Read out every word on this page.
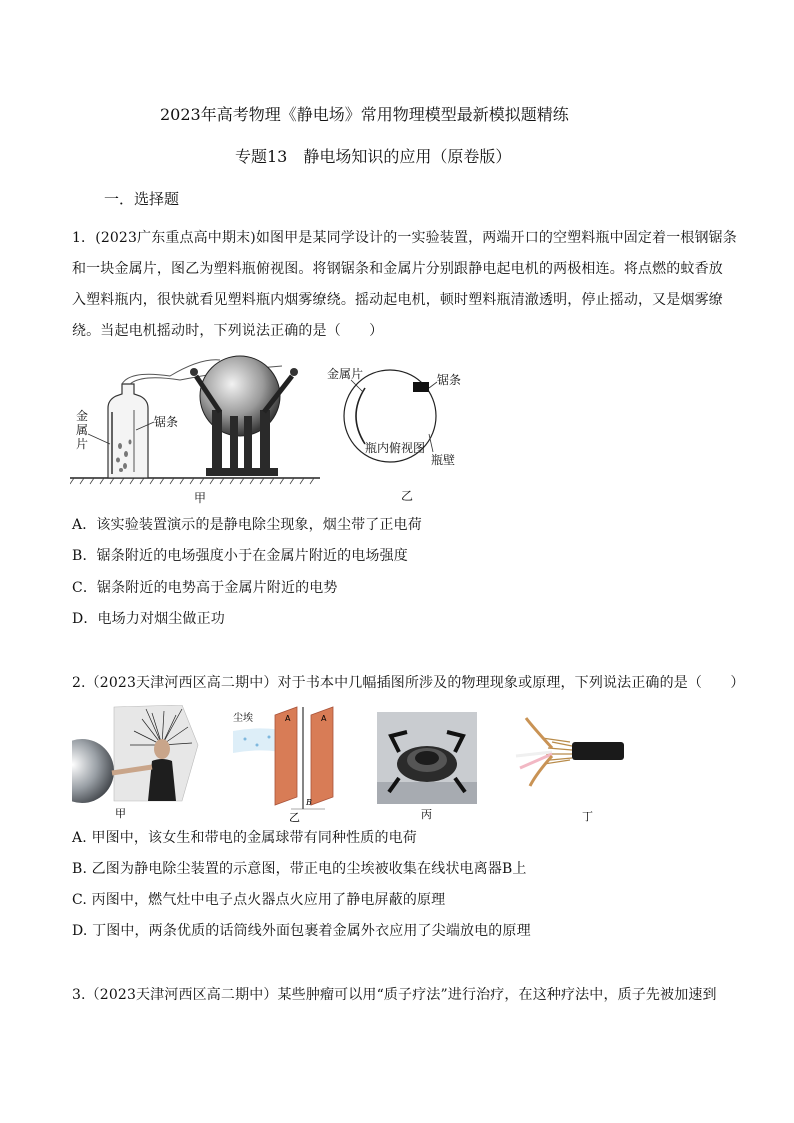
2023年高考物理《静电场》常用物理模型最新模拟题精练
专题13　静电场知识的应用（原卷版）
一．选择题
1．(2023广东重点高中期末)如图甲是某同学设计的一实验装置，两端开口的空塑料瓶中固定着一根钢锯条
和一块金属片，图乙为塑料瓶俯视图。将钢锯条和金属片分别跟静电起电机的两极相连。将点燃的蚊香放
入塑料瓶内，很快就看见塑料瓶内烟雾缭绕。摇动起电机，顿时塑料瓶清澈透明，停止摇动，又是烟雾缭
绕。当起电机摇动时，下列说法正确的是（　　）
金
属
片
锯条
甲
金属片	锯条
瓶壁
瓶内俯视图
乙
A．该实验装置演示的是静电除尘现象，烟尘带了正电荷
B．锯条附近的电场强度小于在金属片附近的电场强度
C．锯条附近的电势高于金属片附近的电势
D．电场力对烟尘做正功
2.（2023天津河西区高二期中）对于书本中几幅插图所涉及的物理现象或原理，下列说法正确的是（　　）
甲
尘埃	A	A
B
乙	丙	丁
A. 甲图中，该女生和带电的金属球带有同种性质的电荷
B. 乙图为静电除尘装置的示意图，带正电的尘埃被收集在线状电离器B上
C. 丙图中，燃气灶中电子点火器点火应用了静电屏蔽的原理
D. 丁图中，两条优质的话筒线外面包裹着金属外衣应用了尖端放电的原理
3.（2023天津河西区高二期中）某些肿瘤可以用“质子疗法”进行治疗，在这种疗法中，质子先被加速到
